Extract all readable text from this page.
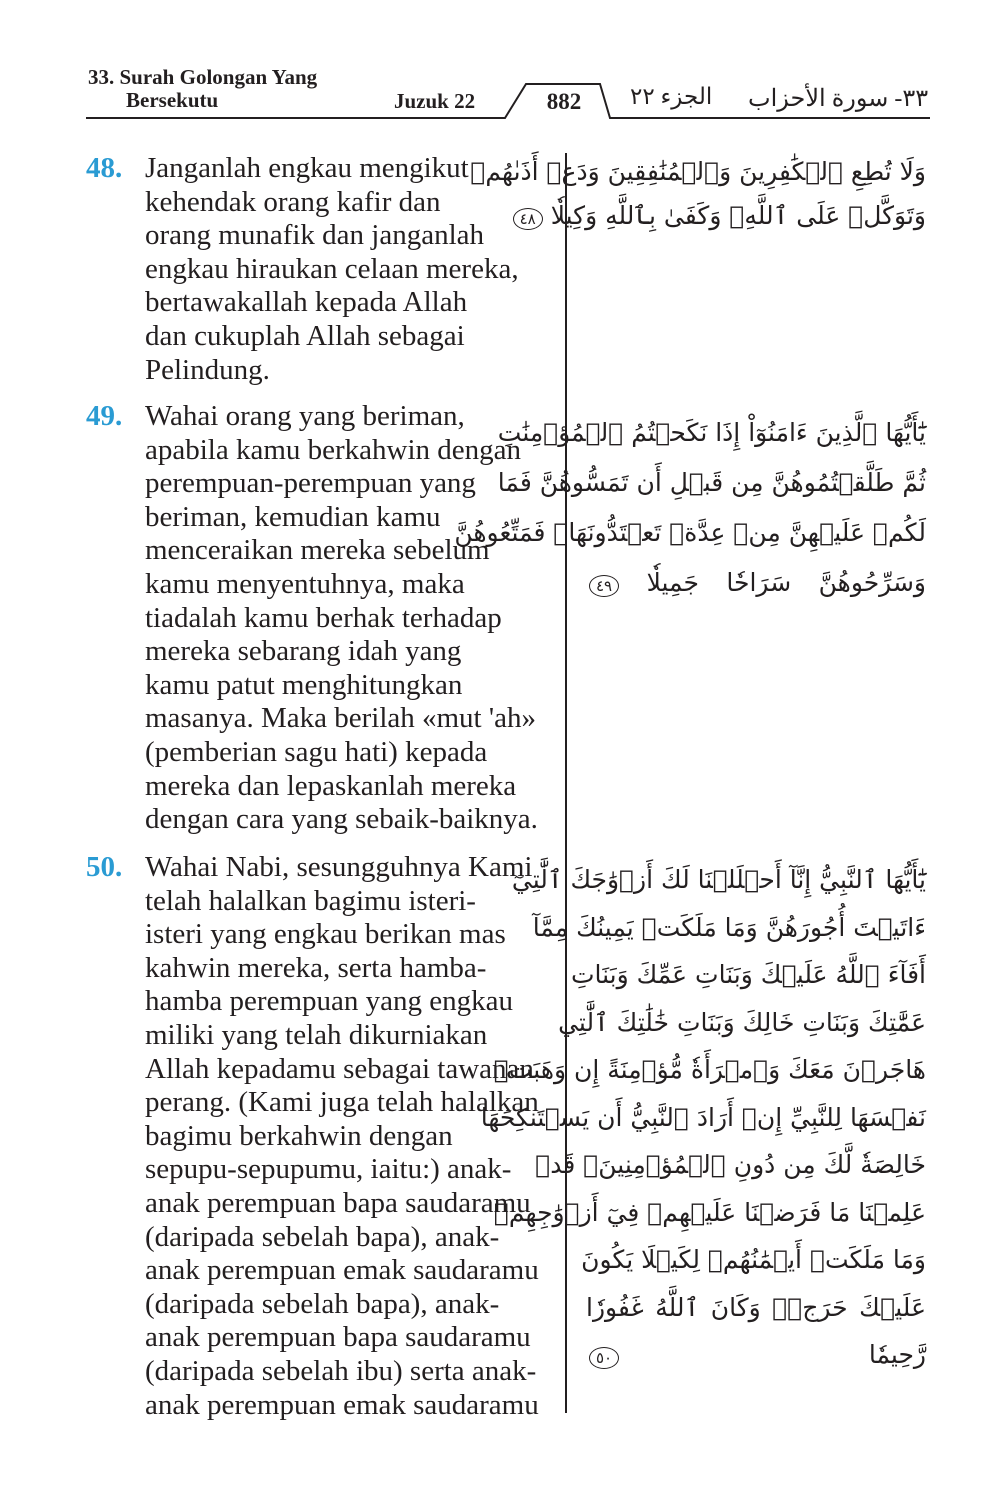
33. Surah Golongan Yang
Bersekutu	Juzuk 22	882	الجزء ٢٢ ٣٣- سورة الأحزاب
48. Janganlah engkau mengikut
kehendak orang kafir dan
orang munafik dan janganlah
engkau hiraukan celaan mereka,
bertawakallah kepada Allah
dan cukuplah Allah sebagai
Pelindung.
وَلَا تُطِعِ ٱلۡكَٰفِرِينَ وَٱلۡمُنَٰفِقِينَ وَدَعۡ أَذَىٰهُمۡ
وَتَوَكَّلۡ عَلَى ٱللَّهِۚ وَكَفَىٰ بِٱللَّهِ وَكِيلٗا ٤٨
49. Wahai orang yang beriman,
apabila kamu berkahwin dengan
perempuan-perempuan yang
beriman, kemudian kamu
menceraikan mereka sebelum
kamu menyentuhnya, maka
tiadalah kamu berhak terhadap
mereka sebarang idah yang
kamu patut menghitungkan
masanya. Maka berilah «mut 'ah»
(pemberian sagu hati) kepada
mereka dan lepaskanlah mereka
dengan cara yang sebaik-baiknya.
يَٰٓأَيُّهَا ٱلَّذِينَ ءَامَنُوٓاْ إِذَا نَكَحۡتُمُ ٱلۡمُؤۡمِنَٰتِ
ثُمَّ طَلَّقۡتُمُوهُنَّ مِن قَبۡلِ أَن تَمَسُّوهُنَّ فَمَا
لَكُمۡ عَلَيۡهِنَّ مِنۡ عِدَّةٖ تَعۡتَدُّونَهَاۖ فَمَتِّعُوهُنَّ
وَسَرِّحُوهُنَّ سَرَاحٗا جَمِيلٗا ٤٩
50. Wahai Nabi, sesungguhnya Kami
telah halalkan bagimu isteri-
isteri yang engkau berikan mas
kahwin mereka, serta hamba-
hamba perempuan yang engkau
miliki yang telah dikurniakan
Allah kepadamu sebagai tawanan
perang. (Kami juga telah halalkan
bagimu berkahwin dengan
sepupu-sepupumu, iaitu:) anak-
anak perempuan bapa saudaramu
(daripada sebelah bapa), anak-
anak perempuan emak saudaramu
(daripada sebelah bapa), anak-
anak perempuan bapa saudaramu
(daripada sebelah ibu) serta anak-
anak perempuan emak saudaramu
يَٰٓأَيُّهَا ٱلنَّبِيُّ إِنَّآ أَحۡلَلۡنَا لَكَ أَزۡوَٰجَكَ ٱلَّٰتِيٓ
ءَاتَيۡتَ أُجُورَهُنَّ وَمَا مَلَكَتۡ يَمِينُكَ مِمَّآ
أَفَآءَ ٱللَّهُ عَلَيۡكَ وَبَنَاتِ عَمِّكَ وَبَنَاتِ
عَمَّٰتِكَ وَبَنَاتِ خَالِكَ وَبَنَاتِ خَٰلَٰتِكَ ٱلَّٰتِي
هَاجَرۡنَ مَعَكَ وَٱمۡرَأَةٗ مُّؤۡمِنَةً إِن وَهَبَتۡ
نَفۡسَهَا لِلنَّبِيِّ إِنۡ أَرَادَ ٱلنَّبِيُّ أَن يَسۡتَنكِحَهَا
خَالِصَةٗ لَّكَ مِن دُونِ ٱلۡمُؤۡمِنِينَۗ قَدۡ
عَلِمۡنَا مَا فَرَضۡنَا عَلَيۡهِمۡ فِيٓ أَزۡوَٰجِهِمۡ
وَمَا مَلَكَتۡ أَيۡمَٰنُهُمۡ لِكَيۡلَا يَكُونَ
عَلَيۡكَ حَرَجٞۗ وَكَانَ ٱللَّهُ غَفُورٗا
رَّحِيمٗا ٥٠
